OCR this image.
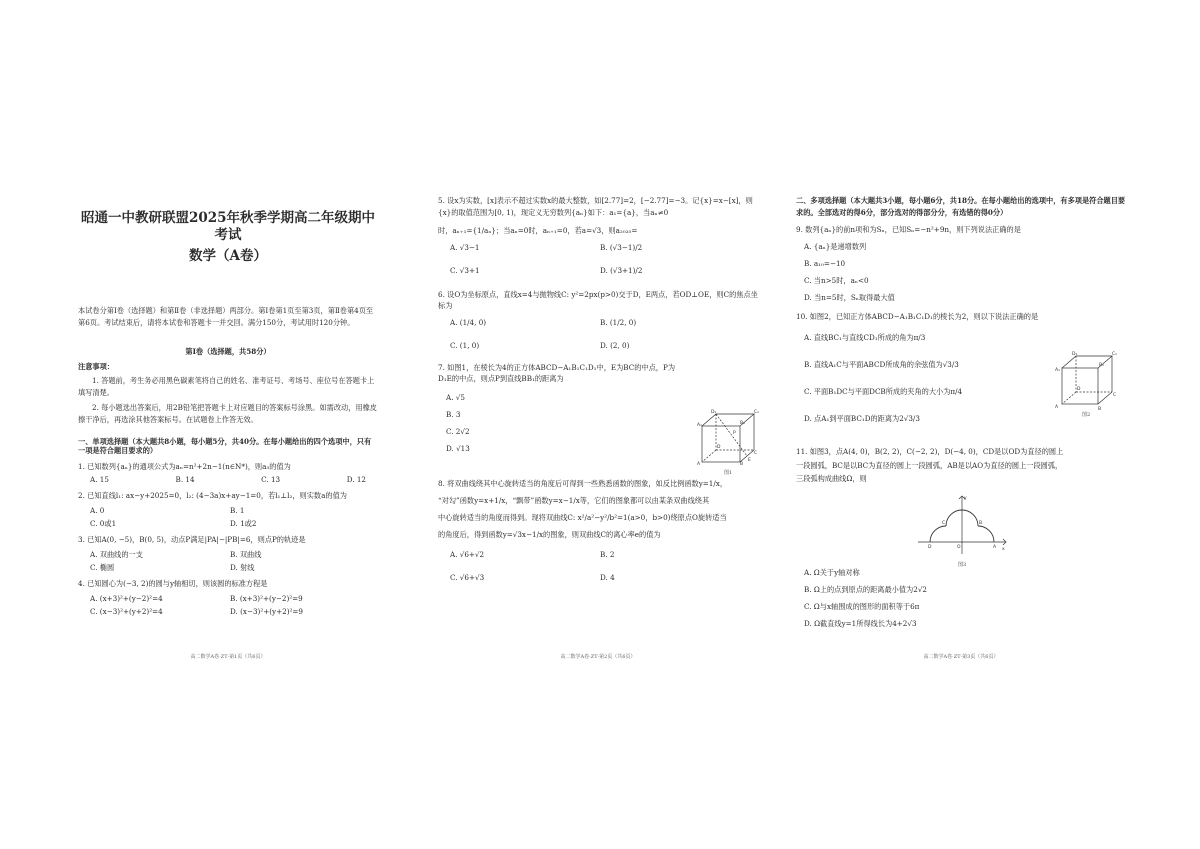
昭通一中教研联盟2025年秋季学期高二年级期中考试
数学（A卷）
本试卷分第Ⅰ卷（选择题）和第Ⅱ卷（非选择题）两部分。第Ⅰ卷第1页至第3页，第Ⅱ卷第4页至第6页。考试结束后，请将本试卷和答题卡一并交回。满分150分，考试用时120分钟。
第Ⅰ卷（选择题，共58分）
注意事项：
1. 答题前，考生务必用黑色碳素笔将自己的姓名、准考证号、考场号、座位号在答题卡上填写清楚。
2. 每小题选出答案后，用2B铅笔把答题卡上对应题目的答案标号涂黑。如需改动，用橡皮擦干净后，再选涂其他答案标号。在试题卷上作答无效。
一、单项选择题（本大题共8小题，每小题5分，共40分。在每小题给出的四个选项中，只有一项是符合题目要求的）
1. 已知数列{aₙ}的通项公式为aₙ=n²+2n−1(n∈N*)，则a₃的值为
A. 15	B. 14	C. 13	D. 12
2. 已知直线l₁: ax−y+2025=0，l₂: (4−3a)x+ay−1=0，若l₁⊥l₂，则实数a的值为
A. 0	B. 1
C. 0或1	D. 1或2
3. 已知A(0, −5)，B(0, 5)，动点P满足|PA|−|PB|=6，则点P的轨迹是
A. 双曲线的一支	B. 双曲线
C. 椭圆	D. 射线
4. 已知圆心为(−3, 2)的圆与y轴相切，则该圆的标准方程是
A. (x+3)²+(y−2)²=4	B. (x+3)²+(y−2)²=9
C. (x−3)²+(y+2)²=4	D. (x−3)²+(y+2)²=9
高二数学A卷·ZT·第1页（共6页）
5. 设x为实数，[x]表示不超过实数x的最大整数，如[2.77]=2，[−2.77]=−3。记{x}=x−[x]，则{x}的取值范围为[0, 1)，现定义无穷数列{aₙ}如下：a₁={a}，当aₙ≠0
时，aₙ₊₁={1/aₙ}；当aₙ=0时，aₙ₊₁=0，若a=√3，则a₂₀₂₅=
A. √3−1	B. (√3−1)/2
C. √3+1	D. (√3+1)/2
6. 设O为坐标原点，直线x=4与抛物线C: y²=2px(p>0)交于D，E两点，若OD⊥OE，则C的焦点坐标为
A. (1/4, 0)	B. (1/2, 0)
C. (1, 0)	D. (2, 0)
7. 如图1，在棱长为4的正方体ABCD−A₁B₁C₁D₁中，E为BC的中点，P为D₁E的中点，则点P到直线BB₁的距离为
A. √5
B. 3
C. 2√2
D. √13
A₁	B₁
C₁
D₁
A	B
C
D
E
P
图1
8. 将双曲线绕其中心旋转适当的角度后可得到一些熟悉函数的图象，如反比例函数y=1/x，
“对勾”函数y=x+1/x，“飘带”函数y=x−1/x等，它们的图象都可以由某条双曲线绕其
中心旋转适当的角度而得到。现将双曲线C: x²/a²−y²/b²=1(a>0，b>0)绕原点O旋转适当
的角度后，得到函数y=√3x−1/x的图象，则双曲线C的离心率e的值为
A. √6+√2	B. 2
C. √6+√3	D. 4
高二数学A卷·ZT·第2页（共6页）
二、多项选择题（本大题共3小题，每小题6分，共18分。在每小题给出的选项中，有多项是符合题目要求的。全部选对的得6分，部分选对的得部分分，有选错的得0分）
9. 数列{aₙ}的前n项和为Sₙ，已知Sₙ=−n²+9n，则下列说法正确的是
A. {aₙ}是递增数列
B. a₁₀=−10
C. 当n>5时，aₙ<0
D. 当n=5时，Sₙ取得最大值
10. 如图2，已知正方体ABCD−A₁B₁C₁D₁的棱长为2，则以下说法正确的是
A. 直线BC₁与直线CD₁所成的角为π/3
B. 直线A₁C与平面ABCD所成角的余弦值为√3/3
C. 平面B₁DC与平面DCB所成的夹角的大小为π/4
D. 点A₁到平面BC₁D的距离为2√3/3
A₁
B₁
C₁
D₁
A	B
C
D
图2
11. 如图3，点A(4, 0)，B(2, 2)，C(−2, 2)，D(−4, 0)，CD是以OD为直径的圆上
一段圆弧，BC是以BC为直径的圆上一段圆弧，AB是以AO为直径的圆上一段圆弧，
三段弧构成曲线Ω，则
y
x
O	A
B
C
D
图3
A. Ω关于y轴对称
B. Ω上的点到原点的距离最小值为2√2
C. Ω与x轴围成的图形的面积等于6π
D. Ω截直线y=1所得线长为4+2√3
高二数学A卷·ZT·第3页（共6页）
